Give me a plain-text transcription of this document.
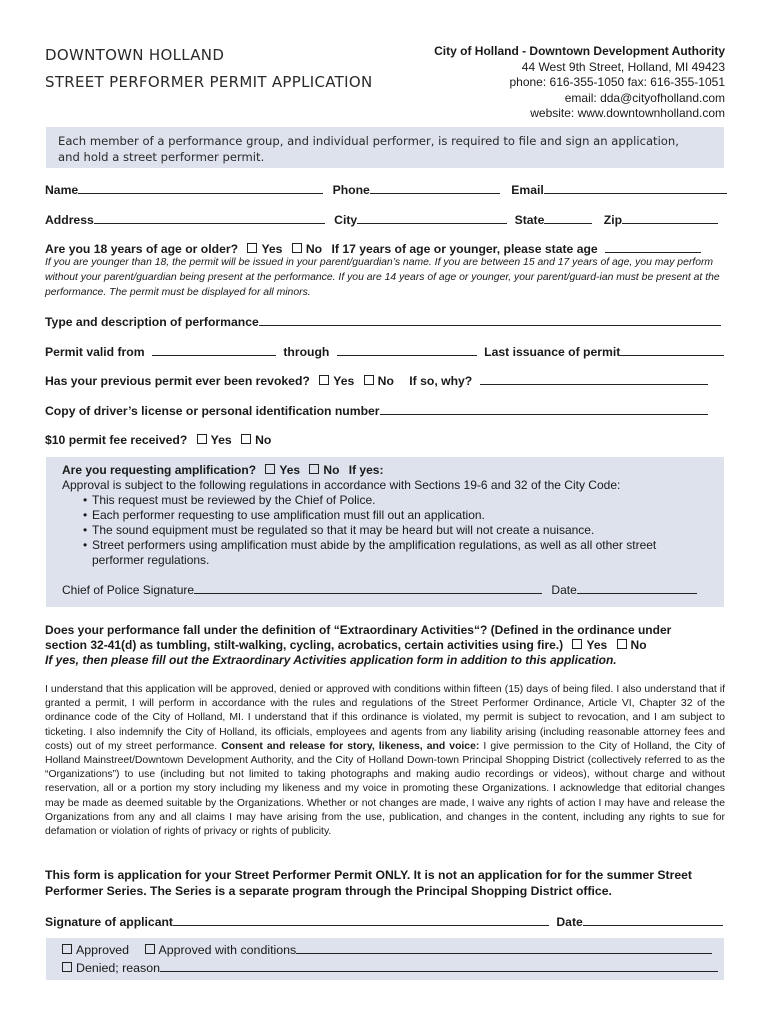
DOWNTOWN HOLLAND
STREET PERFORMER PERMIT APPLICATION
City of Holland - Downtown Development Authority
44 West 9th Street, Holland, MI 49423
phone: 616-355-1050 fax: 616-355-1051
email: dda@cityofholland.com
website: www.downtownholland.com
Each member of a performance group, and individual performer, is required to file and sign an application,
and hold a street performer permit.
Name	Phone	Email
Address	City	State	Zip
Are you 18 years of age or older? Yes No If 17 years of age or younger, please state age
If you are younger than 18, the permit will be issued in your parent/guardian’s name. If you are between 15 and 17 years of age, you may perform without your parent/guardian being present at the performance. If you are 14 years of age or younger, your parent/guard-ian must be present at the performance. The permit must be displayed for all minors.
Type and description of performance
Permit valid from	through	Last issuance of permit
Has your previous permit ever been revoked? Yes No If so, why?
Copy of driver’s license or personal identification number
$10 permit fee received? Yes No
Are you requesting amplification? Yes No If yes:
Approval is subject to the following regulations in accordance with Sections 19-6 and 32 of the City Code:
• This request must be reviewed by the Chief of Police.
• Each performer requesting to use amplification must fill out an application.
• The sound equipment must be regulated so that it may be heard but will not create a nuisance.
• Street performers using amplification must abide by the amplification regulations, as well as all other street performer regulations.
Chief of Police Signature	Date
Does your performance fall under the definition of “Extraordinary Activities“? (Defined in the ordinance under
section 32-41(d) as tumbling, stilt-walking, cycling, acrobatics, certain activities using fire.) Yes No
If yes, then please fill out the Extraordinary Activities application form in addition to this application.
I understand that this application will be approved, denied or approved with conditions within fifteen (15) days of being filed. I also understand that if granted a permit, I will perform in accordance with the rules and regulations of the Street Performer Ordinance, Article VI, Chapter 32 of the ordinance code of the City of Holland, MI. I understand that if this ordinance is violated, my permit is subject to revocation, and I am subject to ticketing. I also indemnify the City of Holland, its officials, employees and agents from any liability arising (including reasonable attorney fees and costs) out of my street performance. Consent and release for story, likeness, and voice: I give permission to the City of Holland, the City of Holland Mainstreet/Downtown Development Authority, and the City of Holland Down-town Principal Shopping District (collectively referred to as the “Organizations”) to use (including but not limited to taking photographs and making audio recordings or videos), without charge and without reservation, all or a portion my story including my likeness and my voice in promoting these Organizations. I acknowledge that editorial changes may be made as deemed suitable by the Organizations. Whether or not changes are made, I waive any rights of action I may have and release the Organizations from any and all claims I may have arising from the use, publication, and changes in the content, including any rights to sue for defamation or violation of rights of privacy or rights of publicity.
This form is application for your Street Performer Permit ONLY. It is not an application for for the summer Street
Performer Series. The Series is a separate program through the Principal Shopping District office.
Signature of applicant	Date
Approved Approved with conditions
Denied; reason
